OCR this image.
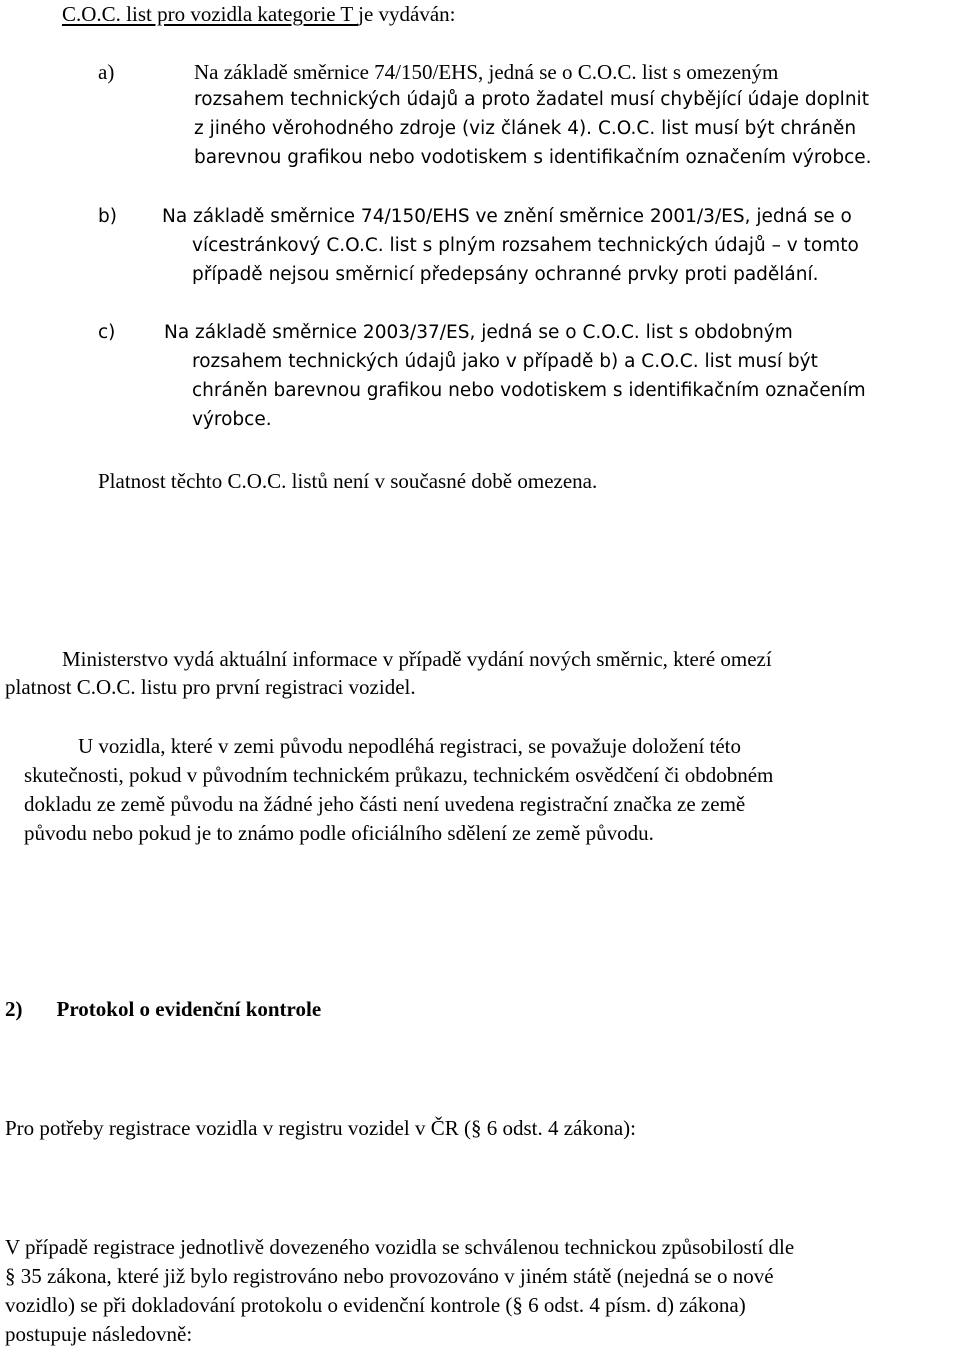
C.O.C. list pro vozidla kategorie T je vydáván:
a)	Na základě směrnice 74/150/EHS, jedná se o C.O.C. list s omezeným
rozsahem technických údajů a proto žadatel musí chybějící údaje doplnit
z jiného věrohodného zdroje (viz článek 4). C.O.C. list musí být chráněn
barevnou grafikou nebo vodotiskem s identifikačním označením výrobce.
b) Na základě směrnice 74/150/EHS ve znění směrnice 2001/3/ES, jedná se o
vícestránkový C.O.C. list s plným rozsahem technických údajů – v tomto
případě nejsou směrnicí předepsány ochranné prvky proti padělání.
c)	Na základě směrnice 2003/37/ES, jedná se o C.O.C. list s obdobným
rozsahem technických údajů jako v případě b) a C.O.C. list musí být
chráněn barevnou grafikou nebo vodotiskem s identifikačním označením
výrobce.
Platnost těchto C.O.C. listů není v současné době omezena.
Ministerstvo vydá aktuální informace v případě vydání nových směrnic, které omezí
platnost C.O.C. listu pro první registraci vozidel.
U vozidla, které v zemi původu nepodléhá registraci, se považuje doložení této
skutečnosti, pokud v původním technickém průkazu, technickém osvědčení či obdobném
dokladu ze země původu na žádné jeho části není uvedena registrační značka ze země
původu nebo pokud je to známo podle oficiálního sdělení ze země původu.
2) Protokol o evidenční kontrole
Pro potřeby registrace vozidla v registru vozidel v ČR (§ 6 odst. 4 zákona):
V případě registrace jednotlivě dovezeného vozidla se schválenou technickou způsobilostí dle
§ 35 zákona, které již bylo registrováno nebo provozováno v jiném státě (nejedná se o nové
vozidlo) se při dokladování protokolu o evidenční kontrole (§ 6 odst. 4 písm. d) zákona)
postupuje následovně:
